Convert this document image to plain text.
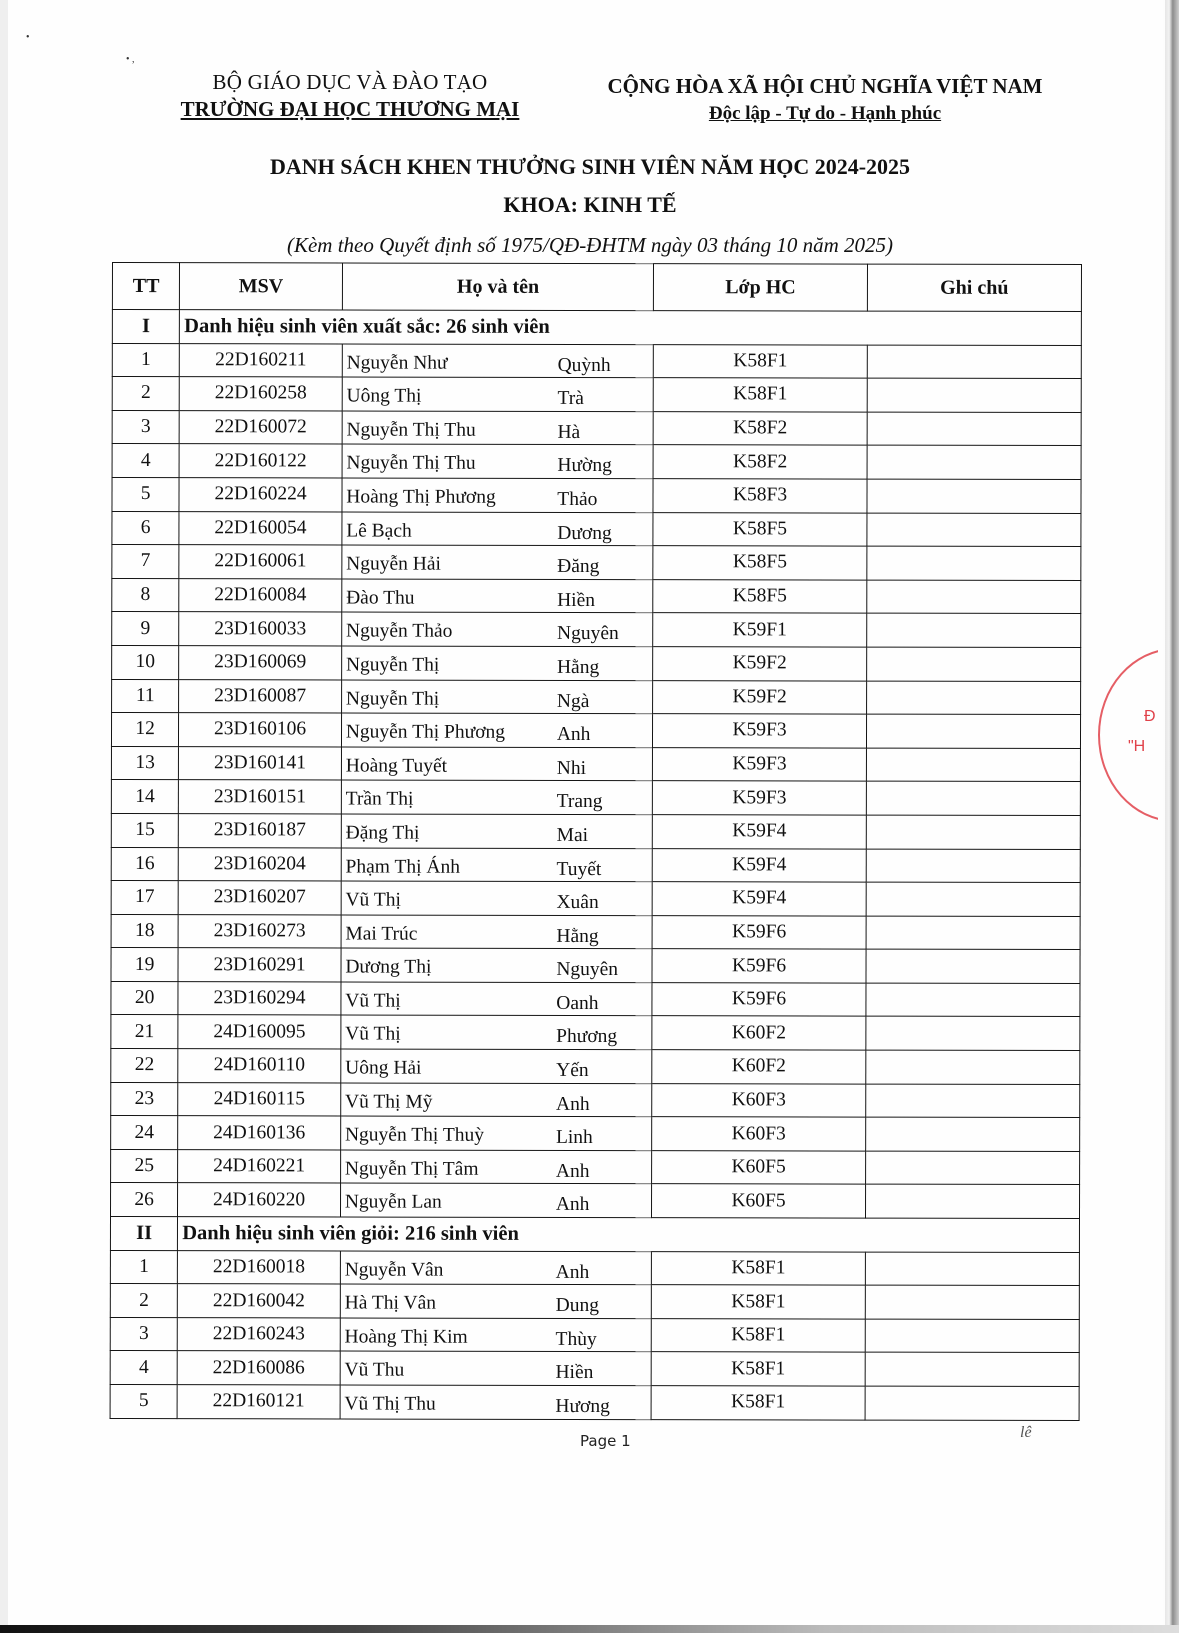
•

• ,
BỘ GIÁO DỤC VÀ ĐÀO TẠO
TRƯỜNG ĐẠI HỌC THƯƠNG MẠI
CỘNG HÒA XÃ HỘI CHỦ NGHĨA VIỆT NAM
Độc lập - Tự do - Hạnh phúc
DANH SÁCH KHEN THƯỞNG SINH VIÊN NĂM HỌC 2024-2025
KHOA: KINH TẾ
(Kèm theo Quyết định số 1975/QĐ-ĐHTM ngày 03 tháng 10 năm 2025)
TT	MSV	Họ và tên	Lớp HC	Ghi chú
I	Danh hiệu sinh viên xuất sắc: 26 sinh viên			
1	22D160211	Nguyễn Như Quỳnh	K58F1	
2	22D160258	Uông Thị Trà	K58F1	
3	22D160072	Nguyễn Thị Thu Hà	K58F2	
4	22D160122	Nguyễn Thị Thu Hường	K58F2	
5	22D160224	Hoàng Thị Phương Thảo	K58F3	
6	22D160054	Lê Bạch Dương	K58F5	
7	22D160061	Nguyễn Hải Đăng	K58F5	
8	22D160084	Đào Thu Hiền	K58F5	
9	23D160033	Nguyễn Thảo Nguyên	K59F1	
10	23D160069	Nguyễn Thị Hằng	K59F2	
11	23D160087	Nguyễn Thị Ngà	K59F2	
12	23D160106	Nguyễn Thị Phương Anh	K59F3	
13	23D160141	Hoàng Tuyết Nhi	K59F3	
14	23D160151	Trần Thị Trang	K59F3	
15	23D160187	Đặng Thị Mai	K59F4	
16	23D160204	Phạm Thị Ánh Tuyết	K59F4	
17	23D160207	Vũ Thị Xuân	K59F4	
18	23D160273	Mai Trúc Hằng	K59F6	
19	23D160291	Dương Thị Nguyên	K59F6	
20	23D160294	Vũ Thị Oanh	K59F6	
21	24D160095	Vũ Thị Phương	K60F2	
22	24D160110	Uông Hải Yến	K60F2	
23	24D160115	Vũ Thị Mỹ Anh	K60F3	
24	24D160136	Nguyễn Thị Thuỳ Linh	K60F3	
25	24D160221	Nguyễn Thị Tâm Anh	K60F5	
26	24D160220	Nguyễn Lan Anh	K60F5	
II	Danh hiệu sinh viên giỏi: 216 sinh viên			
1	22D160018	Nguyễn Vân Anh	K58F1	
2	22D160042	Hà Thị Vân Dung	K58F1	
3	22D160243	Hoàng Thị Kim Thùy	K58F1	
4	22D160086	Vũ Thu Hiền	K58F1	
5	22D160121	Vũ Thị Thu Hương	K58F1	
Page 1	lê
Đ
"H
